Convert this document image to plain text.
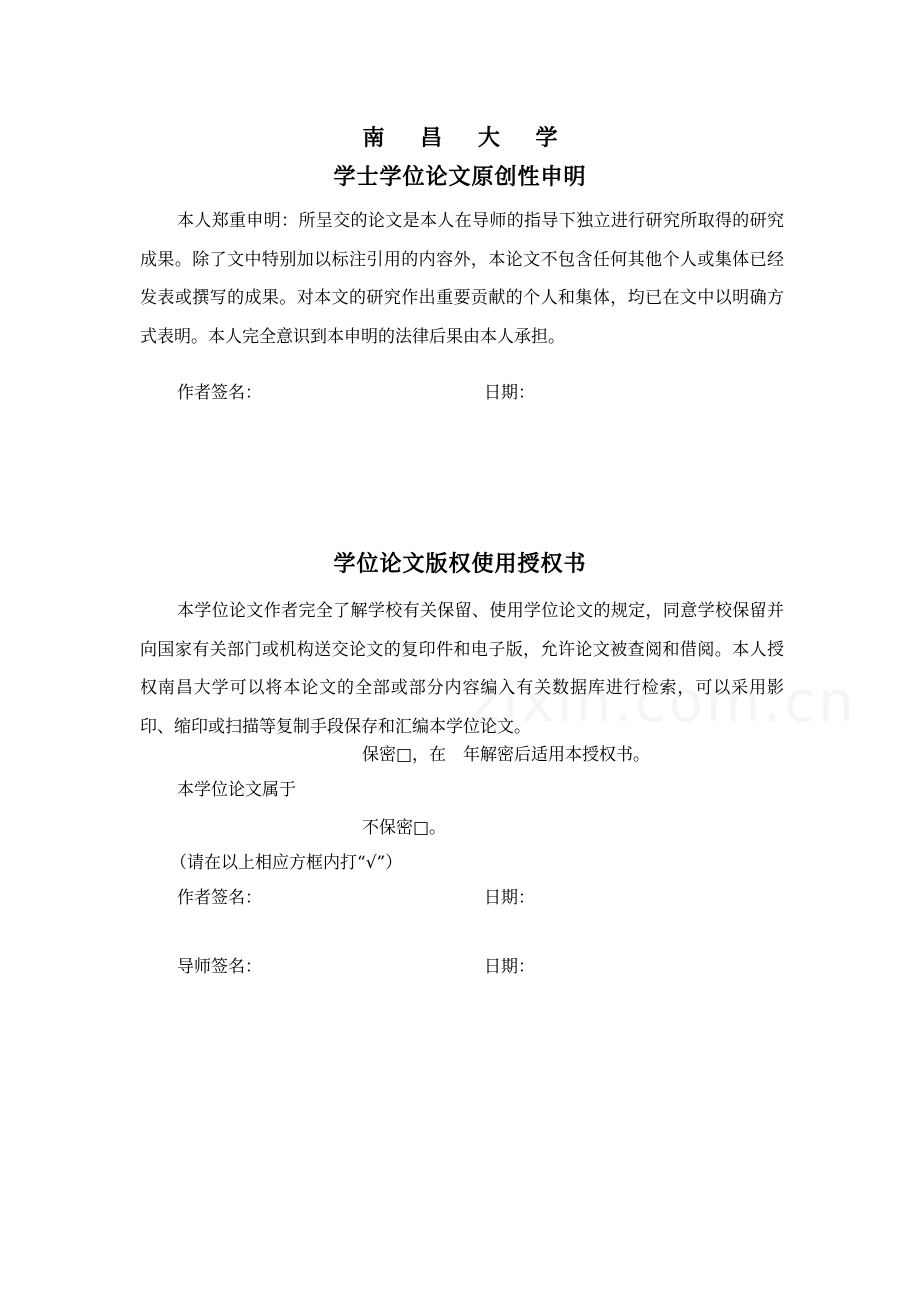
南 昌 大 学
学士学位论文原创性申明
本人郑重申明：所呈交的论文是本人在导师的指导下独立进行研究所取得的研究成果。除了文中特别加以标注引用的内容外，本论文不包含任何其他个人或集体已经发表或撰写的成果。对本文的研究作出重要贡献的个人和集体，均已在文中以明确方式表明。本人完全意识到本申明的法律后果由本人承担。
作者签名：	日期：
学位论文版权使用授权书
本学位论文作者完全了解学校有关保留、使用学位论文的规定，同意学校保留并向国家有关部门或机构送交论文的复印件和电子版，允许论文被查阅和借阅。本人授权南昌大学可以将本论文的全部或部分内容编入有关数据库进行检索，可以采用影印、缩印或扫描等复制手段保存和汇编本学位论文。
保密□，在　年解密后适用本授权书。
本学位论文属于
不保密□。
（请在以上相应方框内打“√”）
作者签名：	日期：
导师签名：	日期：
